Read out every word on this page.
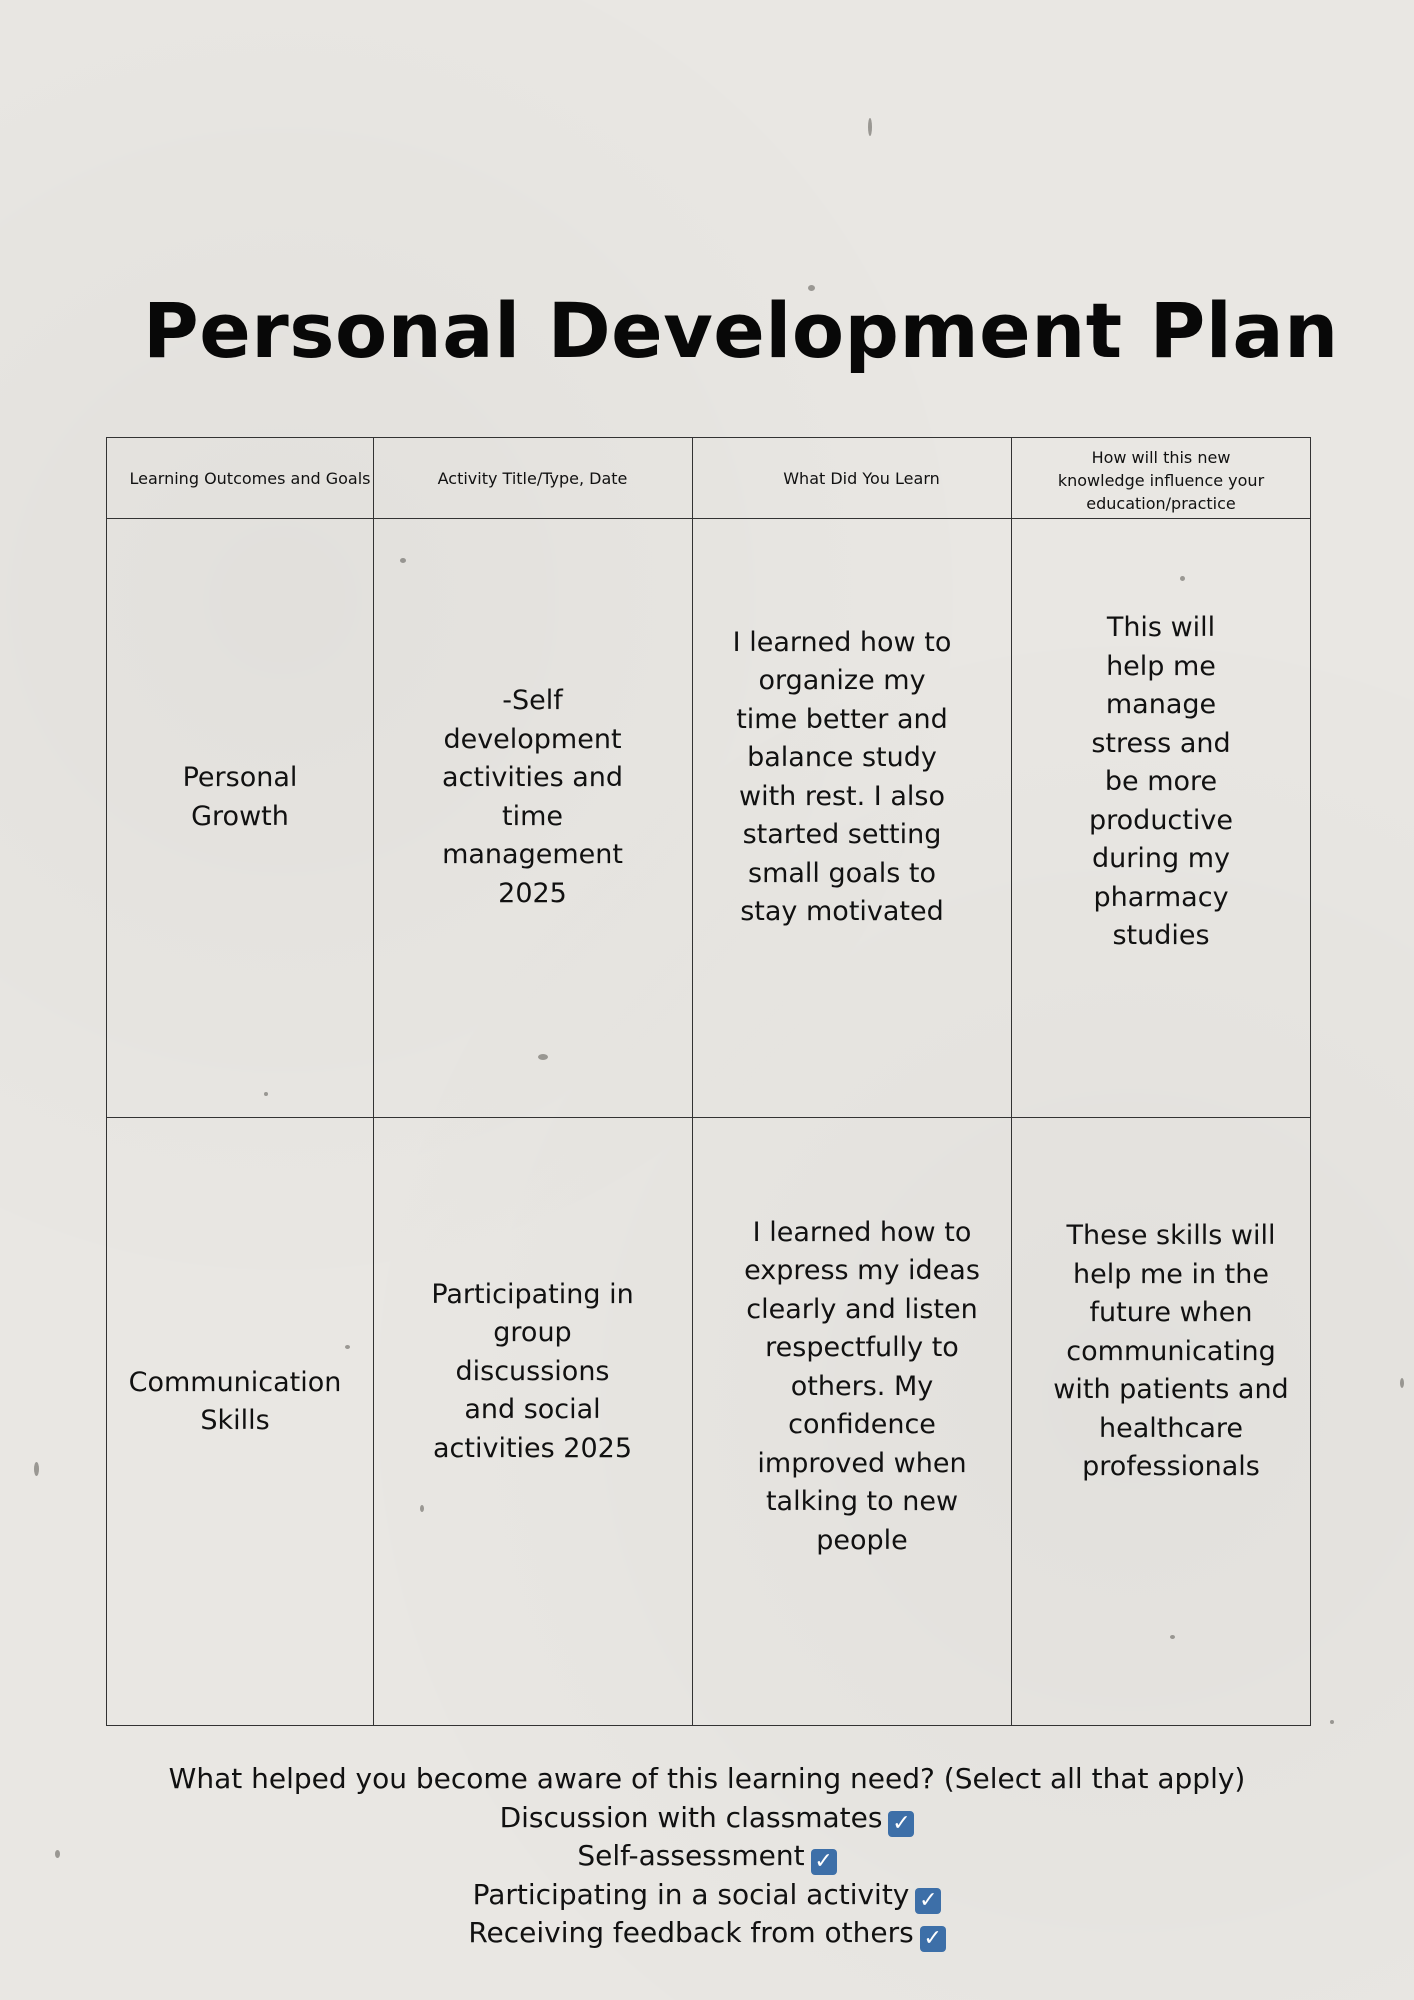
Personal Development Plan
Learning Outcomes and Goals	Activity Title/Type, Date	What Did You Learn
How will this new knowledge influence your education/practice
Personal Growth
-Self development activities and time management 2025
I learned how to organize my time better and balance study with rest. I also started setting small goals to stay motivated
This will help me manage stress and be more productive during my pharmacy studies
Communication Skills
Participating in group discussions and social activities 2025
I learned how to express my ideas clearly and listen respectfully to others. My confidence improved when talking to new people
These skills will help me in the future when communicating with patients and healthcare professionals
What helped you become aware of this learning need? (Select all that apply)
Discussion with classmates ✓
Self-assessment ✓
Participating in a social activity ✓
Receiving feedback from others ✓
